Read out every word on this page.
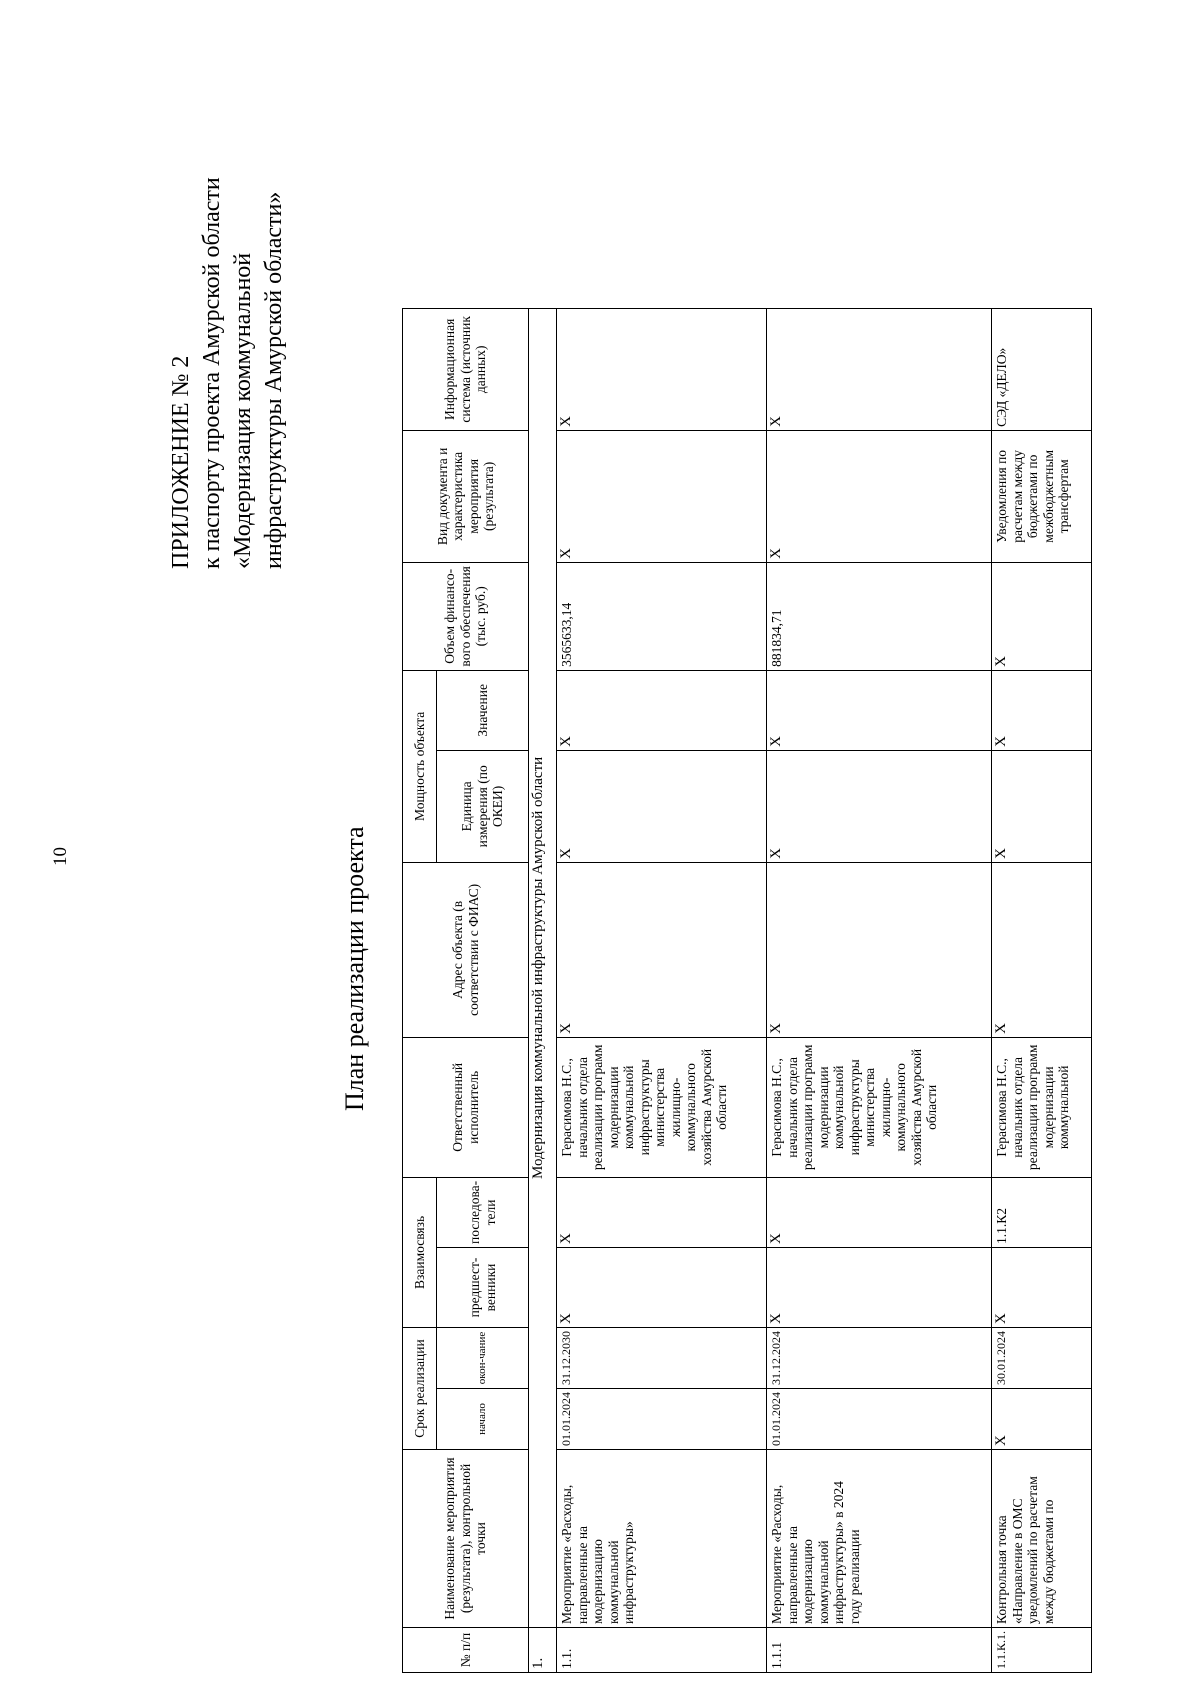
10
ПРИЛОЖЕНИЕ № 2 к паспорту проекта Амурской области «Модернизация коммунальной инфраструктуры Амурской области»
План реализации проекта
№ п/п	Наименование мероприятия (результата), контрольной точки	Срок реализации		Взаимосвязь		Ответственный исполнитель	Адрес объекта (в соответствии с ФИАС)	Мощность объекта		Объем финансо-вого обеспечения (тыс. руб.)	Вид документа и характеристика мероприятия (результата)	Информационная система (источник данных)
		начало	окон-чание	предшест-венники	последова-тели			Единица измерения (по ОКЕИ)	Значение			
1.	Модернизация коммунальной инфраструктуры Амурской области											
1.1.	Мероприятие «Расходы, направленные на модернизацию коммунальной инфраструктуры»	01.01.2024	31.12.2030	X	X	Герасимова Н.С., начальник отдела реализации программ модернизации коммунальной инфраструктуры министерства жилищно-коммунального хозяйства Амурской области	X	X	X	3565633,14	X	X
1.1.1	Мероприятие «Расходы, направленные на модернизацию коммунальной инфраструктуры» в 2024 году реализации	01.01.2024	31.12.2024	X	X	Герасимова Н.С., начальник отдела реализации программ модернизации коммунальной инфраструктуры министерства жилищно-коммунального хозяйства Амурской области	X	X	X	881834,71	X	X
1.1.К.1.	Контрольная точка «Направление в ОМС уведомлений по расчетам между бюджетами по	X	30.01.2024	X	1.1.К2	Герасимова Н.С., начальник отдела реализации программ модернизации коммунальной	X	X	X	X	Уведомления по расчетам между бюджетами по межбюджетным трансфертам	СЭД «ДЕЛО»
